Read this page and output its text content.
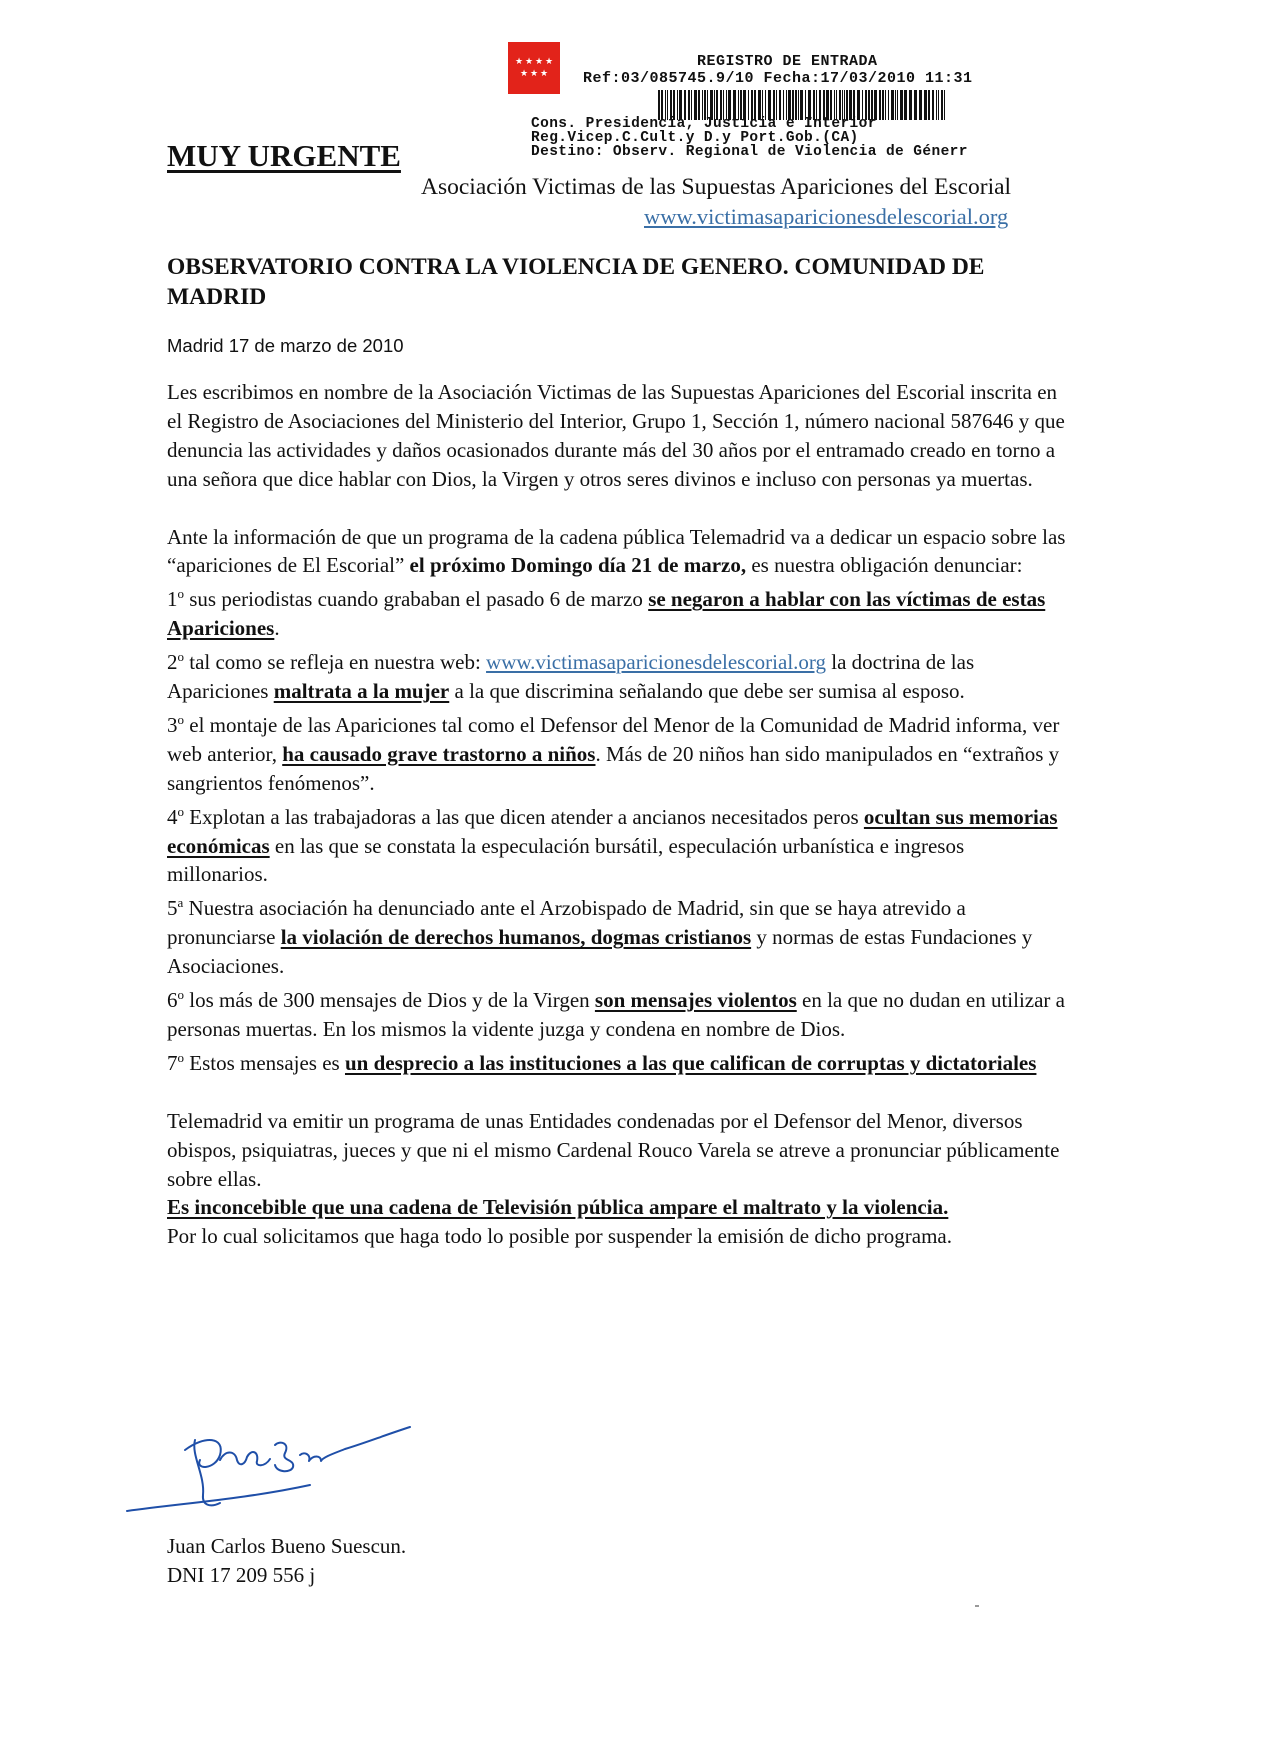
★ ★ ★ ★
★ ★ ★
REGISTRO DE ENTRADA
Ref:03/085745.9/10 Fecha:17/03/2010 11:31
Cons. Presidencia, Justicia e Interior
Reg.Vicep.C.Cult.y D.y Port.Gob.(CA)
Destino: Observ. Regional de Violencia de Génerr
MUY URGENTE
Asociación Victimas de las Supuestas Apariciones del Escorial
www.victimasaparicionesdelescorial.org
OBSERVATORIO CONTRA LA VIOLENCIA DE GENERO. COMUNIDAD DE MADRID
Madrid 17 de marzo de 2010

Les escribimos en nombre de la Asociación Victimas de las Supuestas Apariciones del Escorial inscrita en el Registro de Asociaciones del Ministerio del Interior, Grupo 1, Sección 1, número nacional 587646 y que denuncia las actividades y daños ocasionados durante más del 30 años por el entramado creado en torno a una señora que dice hablar con Dios, la Virgen y otros seres divinos e incluso con personas ya muertas.

Ante la información de que un programa de la cadena pública Telemadrid va a dedicar un espacio sobre las “apariciones de El Escorial” el próximo Domingo día 21 de marzo, es nuestra obligación denunciar:

1$^o$ sus periodistas cuando grababan el pasado 6 de marzo se negaron a hablar con las víctimas de estas Apariciones.

2$^o$ tal como se refleja en nuestra web: www.victimasaparicionesdelescorial.org la doctrina de las Apariciones maltrata a la mujer a la que discrimina señalando que debe ser sumisa al esposo.

3$^o$ el montaje de las Apariciones tal como el Defensor del Menor de la Comunidad de Madrid informa, ver web anterior, ha causado grave trastorno a niños. Más de 20 niños han sido manipulados en “extraños y sangrientos fenómenos”.

4$^o$ Explotan a las trabajadoras a las que dicen atender a ancianos necesitados peros ocultan sus memorias económicas en las que se constata la especulación bursátil, especulación urbanística e ingresos millonarios.

5$^a$ Nuestra asociación ha denunciado ante el Arzobispado de Madrid, sin que se haya atrevido a pronunciarse la violación de derechos humanos, dogmas cristianos y normas de estas Fundaciones y Asociaciones.

6$^o$ los más de 300 mensajes de Dios y de la Virgen son mensajes violentos en la que no dudan en utilizar a personas muertas. En los mismos la vidente juzga y condena en nombre de Dios.

7$^o$ Estos mensajes es un desprecio a las instituciones a las que califican de corruptas y dictatoriales

Telemadrid va emitir un programa de unas Entidades condenadas por el Defensor del Menor, diversos obispos, psiquiatras, jueces y que ni el mismo Cardenal Rouco Varela se atreve a pronunciar públicamente sobre ellas.

Es inconcebible que una cadena de Televisión pública ampare el maltrato y la violencia.

Por lo cual solicitamos que haga todo lo posible por suspender la emisión de dicho programa.

Juan Carlos Bueno Suescun.
DNI 17 209 556 j
